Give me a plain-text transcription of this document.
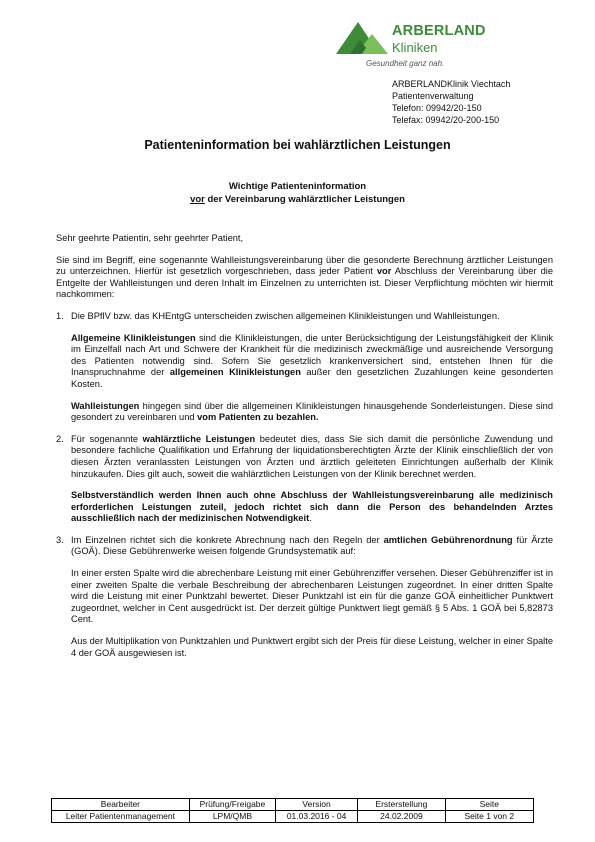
ARBERLAND
Kliniken
Gesundheit ganz nah.
ARBERLANDKlinik Viechtach
Patientenverwaltung
Telefon: 09942/20-150
Telefax: 09942/20-200-150
Patienteninformation bei wahlärztlichen Leistungen
Wichtige Patienteninformation
vor der Vereinbarung wahlärztlicher Leistungen

Sehr geehrte Patientin, sehr geehrter Patient,

Sie sind im Begriff, eine sogenannte Wahlleistungsvereinbarung über die gesonderte Berechnung ärztlicher Leistungen zu unterzeichnen. Hierfür ist gesetzlich vorgeschrieben, dass jeder Patient vor Abschluss der Vereinbarung über die Entgelte der Wahlleistungen und deren Inhalt im Einzelnen zu unterrichten ist. Dieser Verpflichtung möchten wir hiermit nachkommen:

1. Die BPflV bzw. das KHEntgG unterscheiden zwischen allgemeinen Klinikleistungen und Wahlleistungen.

Allgemeine Klinikleistungen sind die Klinikleistungen, die unter Berücksichtigung der Leistungsfähigkeit der Klinik im Einzelfall nach Art und Schwere der Krankheit für die medizinisch zweckmäßige und ausreichende Versorgung des Patienten notwendig sind. Sofern Sie gesetzlich krankenversichert sind, entstehen Ihnen für die Inanspruchnahme der allgemeinen Klinikleistungen außer den gesetzlichen Zuzahlungen keine gesonderten Kosten.

Wahlleistungen hingegen sind über die allgemeinen Klinikleistungen hinausgehende Sonderleistungen. Diese sind gesondert zu vereinbaren und vom Patienten zu bezahlen.

2. Für sogenannte wahlärztliche Leistungen bedeutet dies, dass Sie sich damit die persönliche Zuwendung und besondere fachliche Qualifikation und Erfahrung der liquidationsberechtigten Ärzte der Klinik einschließlich der von diesen Ärzten veranlassten Leistungen von Ärzten und ärztlich geleiteten Einrichtungen außerhalb der Klinik hinzukaufen. Dies gilt auch, soweit die wahlärztlichen Leistungen von der Klinik berechnet werden.

Selbstverständlich werden Ihnen auch ohne Abschluss der Wahlleistungsvereinbarung alle medizinisch erforderlichen Leistungen zuteil, jedoch richtet sich dann die Person des behandelnden Arztes ausschließlich nach der medizinischen Notwendigkeit.

3. Im Einzelnen richtet sich die konkrete Abrechnung nach den Regeln der amtlichen Gebührenordnung für Ärzte (GOÄ). Diese Gebührenwerke weisen folgende Grundsystematik auf:

In einer ersten Spalte wird die abrechenbare Leistung mit einer Gebührenziffer versehen. Dieser Gebührenziffer ist in einer zweiten Spalte die verbale Beschreibung der abrechenbaren Leistungen zugeordnet. In einer dritten Spalte wird die Leistung mit einer Punktzahl bewertet. Dieser Punktzahl ist ein für die ganze GOÄ einheitlicher Punktwert zugeordnet, welcher in Cent ausgedrückt ist. Der derzeit gültige Punktwert liegt gemäß § 5 Abs. 1 GOÄ bei 5,82873 Cent.

Aus der Multiplikation von Punktzahlen und Punktwert ergibt sich der Preis für diese Leistung, welcher in einer Spalte 4 der GOÄ ausgewiesen ist.

Bearbeiter	Prüfung/Freigabe	Version	Ersterstellung	Seite
Leiter Patientenmanagement	LPM/QMB	01.03.2016 - 04	24.02.2009	Seite 1 von 2
